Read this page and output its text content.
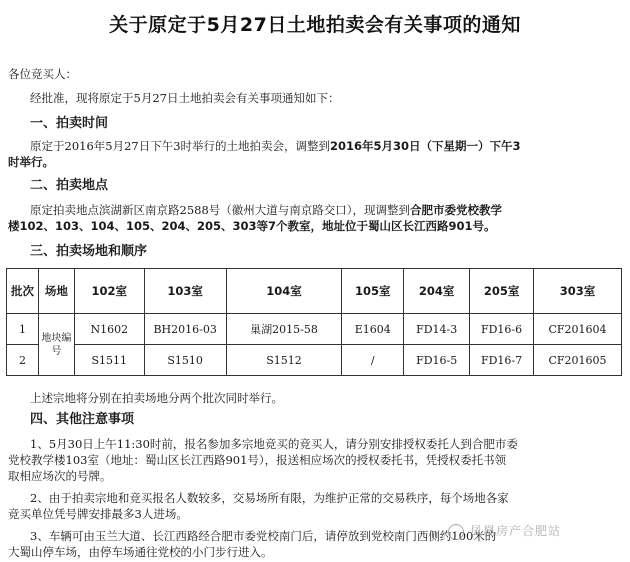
关于原定于5月27日土地拍卖会有关事项的通知
各位竞买人：
经批准，现将原定于5月27日土地拍卖会有关事项通知如下：
一、拍卖时间
原定于2016年5月27日下午3时举行的土地拍卖会，调整到2016年5月30日（下星期一）下午3
时举行。
二、拍卖地点
原定拍卖地点滨湖新区南京路2588号（徽州大道与南京路交口），现调整到合肥市委党校教学
楼102、103、104、105、204、205、303等7个教室，地址位于蜀山区长江西路901号。
三、拍卖场地和顺序
批次	场地	102室	103室	104室	105室	204室	205室	303室
1	地块编号	N1602	BH2016-03	巢湖2015-58	E1604	FD14-3	FD16-6	CF201604
2		S1511	S1510	S1512	/	FD16-5	FD16-7	CF201605
上述宗地将分别在拍卖场地分两个批次同时举行。
四、其他注意事项
1、5月30日上午11:30时前，报名参加多宗地竞买的竞买人，请分别安排授权委托人到合肥市委
党校教学楼103室（地址：蜀山区长江西路901号），报送相应场次的授权委托书，凭授权委托书领
取相应场次的号牌。
2、由于拍卖宗地和竞买报名人数较多，交易场所有限，为维护正常的交易秩序，每个场地各家
竞买单位凭号牌安排最多3人进场。
3、车辆可由玉兰大道、长江西路经合肥市委党校南门后，请停放到党校南门西侧约100米的
大蜀山停车场，由停车场通往党校的小门步行进入。
凤凰房产合肥站
